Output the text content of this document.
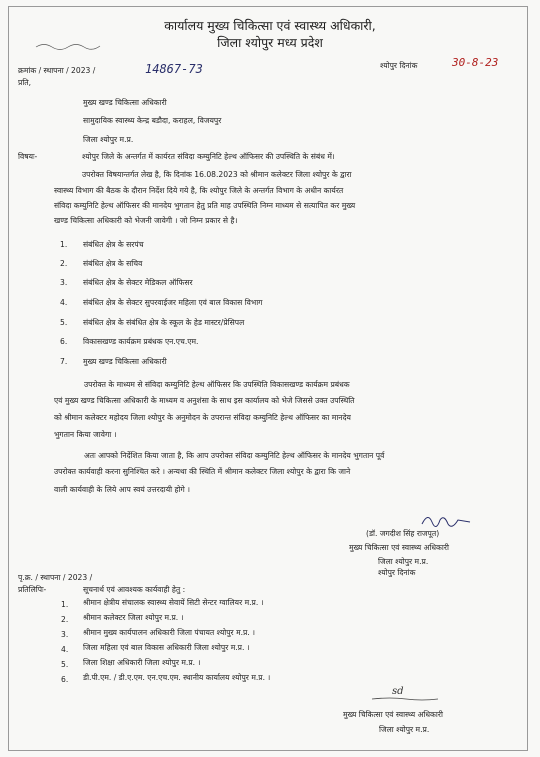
कार्यालय मुख्य चिकित्सा एवं स्वास्थ्य अधिकारी,
जिला श्योपुर मध्य प्रदेश
क्रमांक / स्थापना / 2023 /	14867-73	श्योपुर दिनांक	30-8-23
प्रति,
मुख्य खण्ड चिकित्सा अधिकारी
सामुदायिक स्वास्थ्य केन्द्र बडौदा, कराहल, विजयपुर
जिला श्योपुर म.प्र.
विषयः-	श्योपुर जिले के अन्तर्गत में कार्यरत संविदा कम्युनिटि हेल्थ ऑफिसर की उपस्थिति के संबंध में।
उपरोक्त विषयान्तर्गत लेख है, कि दिनांक 16.08.2023 को श्रीमान कलेक्टर जिला श्योपुर के द्वारा
स्वास्थ्य विभाग की बैठक के दौरान निर्देश दिये गये है, कि श्योपुर जिले के अन्तर्गत विभाग के अधीन कार्यरत
संविदा कम्युनिटि हेल्थ ऑफिसर की मानदेय भुगतान हेतु प्रति माह उपस्थिति निम्न माध्यम से सत्यापित कर मुख्य
खण्ड चिकित्सा अधिकारी को भेजनी जावेगी । जो निम्न प्रकार से है।
1. संबंधित क्षेत्र के सरपंच
2. संबंधित क्षेत्र के सचिव
3. संबंधित क्षेत्र के सेक्टर मेडिकल ऑफिसर
4. संबंधित क्षेत्र के सेक्टर सुपरवाईजर महिला एवं बाल विकास विभाग
5. संबंधित क्षेत्र के संबंधित क्षेत्र के स्कूल के हेड मास्टर/प्रेसिपल
6. विकासखण्ड कार्यक्रम प्रबंधक एन.एच.एम.
7. मुख्य खण्ड चिकित्सा अधिकारी
उपरोक्त के माध्यम से संविदा कम्युनिटि हेल्थ ऑफिसर कि उपस्थिति विकासखण्ड कार्यक्रम प्रबंधक
एवं मुख्य खण्ड चिकित्सा अधिकारी के माध्यम व अनुशंसा के साथ इस कार्यालय को भेजे जिससे उक्त उपस्थिति
को श्रीमान कलेक्टर महोदय जिला श्योपुर के अनुमोदन के उपरान्त संविदा कम्युनिटि हेल्थ ऑफिसर का मानदेय
भुगतान किया जावेगा ।
अतः आपको निर्देशित किया जाता है, कि आप उपरोक्त संविदा कम्युनिटि हेल्थ ऑफिसर के मानदेय भुगतान पूर्व
उपरोक्त कार्यवाही करना सुनिश्चित करे । अन्यथा की स्थिति में श्रीमान कलेक्टर जिला श्योपुर के द्वारा कि जाने
वाली कार्यवाही के लिये आप स्वयं उत्तरदायी होगे ।
(डॉ. जगदीश सिंह राजपूत)
मुख्य चिकित्सा एवं स्वास्थ्य अधिकारी
जिला श्योपुर म.प्र.
श्योपुर दिनांक
पृ.क्र. / स्थापना / 2023 /
प्रतिलिपिः-	सूचनार्थ एवं आवश्यक कार्यवाही हेतु :
1. श्रीमान क्षेत्रीय संचालक स्वास्थ्य सेवायें सिटी सेन्टर ग्वालियर म.प्र. ।
2. श्रीमान कलेक्टर जिला श्योपुर म.प्र. ।
3. श्रीमान मुख्य कार्यपालन अधिकारी जिला पंचायत श्योपुर म.प्र. ।
4. जिला महिला एवं बाल विकास अधिकारी जिला श्योपुर म.प्र. ।
5. जिला शिक्षा अधिकारी जिला श्योपुर म.प्र. ।
6. डी.पी.एम. / डी.ए.एम. एन.एच.एम. स्थानीय कार्यालय श्योपुर म.प्र. ।
sd
मुख्य चिकित्सा एवं स्वास्थ्य अधिकारी
जिला श्योपुर म.प्र.
